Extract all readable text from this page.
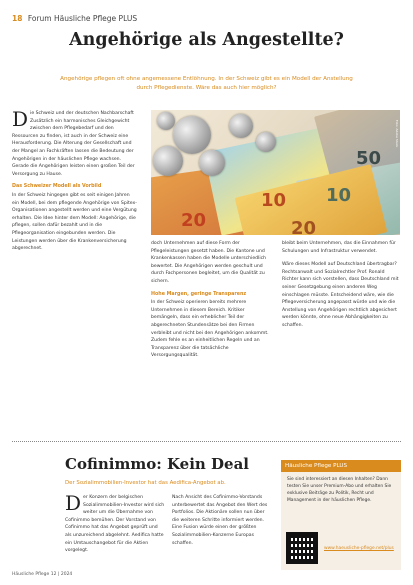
18 Forum Häusliche Pflege PLUS
Angehörige als Angestellte?
Angehörige pflegen oft ohne angemessene Entlöhnung. In der Schweiz gibt es ein Modell der Anstellung durch Pflegedienste. Wäre das auch hier möglich?

D ie Schweiz und der deutschen Nachbarschaft Zusätzlich ein harmonisches Gleichgewicht zwischen dem Pflegebedarf und den Ressourcen zu finden, ist auch in der Schweiz eine Herausforderung. Die Alterung der Gesellschaft und der Mangel an Fachkräften lassen die Bedeutung der Angehörigen in der häuslichen Pflege wachsen. Gerade die Angehörigen leisten einen großen Teil der Versorgung zu Hause.

Das Schweizer Modell als Vorbild

In der Schweiz hingegen gibt es seit einigen Jahren ein Modell, bei dem pflegende Angehörige von Spitex-Organisationen angestellt werden und eine Vergütung erhalten. Die Idee hinter dem Modell: Angehörige, die pflegen, sollen dafür bezahlt und in die Pflegeorganisation eingebunden werden. Die Leistungen werden über die Krankenversicherung abgerechnet.

20
10 10
50
20
Foto: Adobe Stock

doch Unternehmen auf diese Form der Pflegeleistungen gesetzt haben. Die Kantone und Krankenkassen haben die Modelle unterschiedlich bewertet. Die Angehörigen werden geschult und durch Fachpersonen begleitet, um die Qualität zu sichern.

Hohe Margen, geringe Transparenz

In der Schweiz operieren bereits mehrere Unternehmen in diesem Bereich. Kritiker bemängeln, dass ein erheblicher Teil der abgerechneten Stundensätze bei den Firmen verbleibt und nicht bei den Angehörigen ankommt. Zudem fehle es an einheitlichen Regeln und an Transparenz über die tatsächliche Versorgungsqualität.

bleibt beim Unternehmen, das die Einnahmen für Schulungen und Infrastruktur verwendet.

Wäre dieses Modell auf Deutschland übertragbar? Rechtsanwalt und Sozialrechtler Prof. Ronald Richter kann sich vorstellen, dass Deutschland mit seiner Gesetzgebung einen anderen Weg einschlagen müsste. Entscheidend wäre, wie die Pflegeversicherung angepasst würde und wie die Anstellung von Angehörigen rechtlich abgesichert werden könnte, ohne neue Abhängigkeiten zu schaffen.

Cofinimmo: Kein Deal
Der Sozialimmobilien-Investor hat das Aedifica-Angebot ab.

D er Konzern der belgischen Sozialimmobilien-Investor wird sich weiter um die Übernahme von Cofinimmo bemühen. Der Vorstand von Cofinimmo hat das Angebot geprüft und als unzureichend abgelehnt. Aedifica hatte ein Umtauschangebot für die Aktien vorgelegt.

Nach Ansicht des Cofinimmo-Vorstands unterbewertet das Angebot den Wert des Portfolios. Die Aktionäre sollen nun über die weiteren Schritte informiert werden. Eine Fusion würde einen der größten Sozialimmobilien-Konzerne Europas schaffen.

Häusliche Pflege PLUS
Sie sind interessiert an diesen Inhalten? Dann testen Sie unser Premium-Abo und erhalten Sie exklusive Beiträge zu Politik, Recht und Management in der häuslichen Pflege.
www.haeusliche-pflege.net/plus
Häusliche Pflege 12 | 2024
